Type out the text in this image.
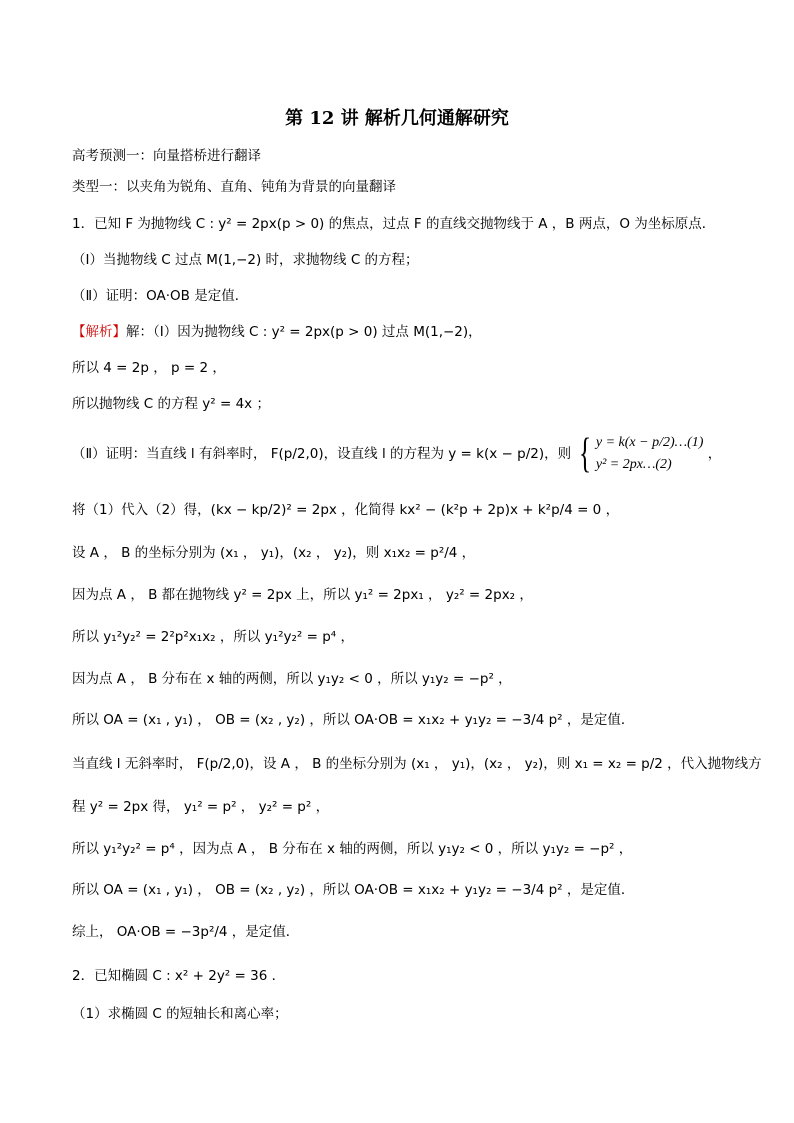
第 12 讲 解析几何通解研究
高考预测一：向量搭桥进行翻译
类型一：以夹角为锐角、直角、钝角为背景的向量翻译
1．已知 F 为抛物线 C : y² = 2px(p > 0) 的焦点，过点 F 的直线交抛物线于 A ，B 两点，O 为坐标原点．
（Ⅰ）当抛物线 C 过点 M(1,−2) 时，求抛物线 C 的方程；
（Ⅱ）证明：OA·OB 是定值．
【解析】解：（Ⅰ）因为抛物线 C : y² = 2px(p > 0) 过点 M(1,−2)，
所以 4 = 2p ， p = 2 ，
所以抛物线 C 的方程 y² = 4x ；
（Ⅱ）证明：当直线 l 有斜率时， F(p/2,0)，设直线 l 的方程为 y = k(x − p/2)，则 { y = k(x − p/2)…(1)
y² = 2px…(2)
，
将（1）代入（2）得，(kx − kp/2)² = 2px ，化简得 kx² − (k²p + 2p)x + k²p/4 = 0 ，
设 A ， B 的坐标分别为 (x₁ ， y₁)，(x₂ ， y₂)，则 x₁x₂ = p²/4 ，
因为点 A ， B 都在抛物线 y² = 2px 上，所以 y₁² = 2px₁ ， y₂² = 2px₂ ，
所以 y₁²y₂² = 2²p²x₁x₂ ，所以 y₁²y₂² = p⁴ ，
因为点 A ， B 分布在 x 轴的两侧，所以 y₁y₂ < 0 ，所以 y₁y₂ = −p² ，
所以 OA = (x₁ , y₁) ， OB = (x₂ , y₂) ，所以 OA·OB = x₁x₂ + y₁y₂ = −3/4 p² ，是定值．
当直线 l 无斜率时， F(p/2,0)，设 A ， B 的坐标分别为 (x₁ ， y₁)，(x₂ ， y₂)，则 x₁ = x₂ = p/2 ，代入抛物线方
程 y² = 2px 得， y₁² = p² ， y₂² = p² ，
所以 y₁²y₂² = p⁴ ，因为点 A ， B 分布在 x 轴的两侧，所以 y₁y₂ < 0 ，所以 y₁y₂ = −p² ，
所以 OA = (x₁ , y₁) ， OB = (x₂ , y₂) ，所以 OA·OB = x₁x₂ + y₁y₂ = −3/4 p² ，是定值．
综上， OA·OB = −3p²/4 ，是定值．
2．已知椭圆 C : x² + 2y² = 36 ．
（1）求椭圆 C 的短轴长和离心率；
